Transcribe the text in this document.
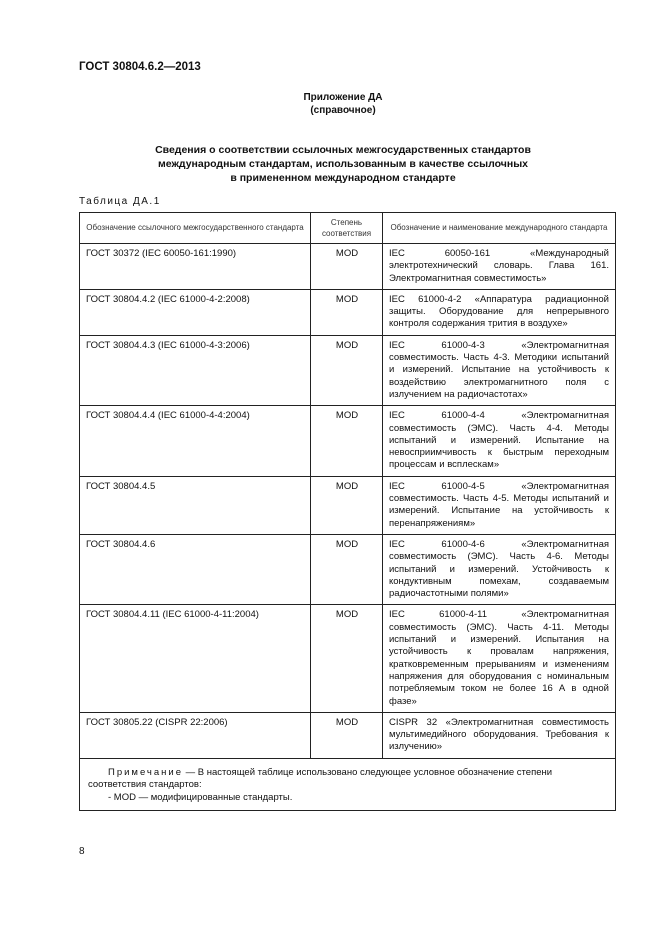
ГОСТ 30804.6.2—2013
Приложение ДА
(справочное)
Сведения о соответствии ссылочных межгосударственных стандартов
международным стандартам, использованным в качестве ссылочных
в примененном международном стандарте
Таблица ДА.1
Обозначение ссылочного межгосударственного стандарта	Степень соответствия	Обозначение и наименование международного стандарта
ГОСТ 30372 (IEC 60050-161:1990)	MOD	IEC 60050-161 «Международный электротехнический словарь. Глава 161. Электромагнитная совместимость»
ГОСТ 30804.4.2 (IEC 61000-4-2:2008)	MOD	IEC 61000-4-2 «Аппаратура радиационной защиты. Оборудование для непрерывного контроля содержания трития в воздухе»
ГОСТ 30804.4.3 (IEC 61000-4-3:2006)	MOD	IEC 61000-4-3 «Электромагнитная совместимость. Часть 4-3. Методики испытаний и измерений. Испытание на устойчивость к воздействию электромагнитного поля с излучением на радиочастотах»
ГОСТ 30804.4.4 (IEC 61000-4-4:2004)	MOD	IEC 61000-4-4 «Электромагнитная совместимость (ЭМС). Часть 4-4. Методы испытаний и измерений. Испытание на невосприимчивость к быстрым переходным процессам и всплескам»
ГОСТ 30804.4.5	MOD	IEC 61000-4-5 «Электромагнитная совместимость. Часть 4-5. Методы испытаний и измерений. Испытание на устойчивость к перенапряжениям»
ГОСТ 30804.4.6	MOD	IEC 61000-4-6 «Электромагнитная совместимость (ЭМС). Часть 4-6. Методы испытаний и измерений. Устойчивость к кондуктивным помехам, создаваемым радиочастотными полями»
ГОСТ 30804.4.11 (IEC 61000-4-11:2004)	MOD	IEC 61000-4-11 «Электромагнитная совместимость (ЭМС). Часть 4-11. Методы испытаний и измерений. Испытания на устойчивость к провалам напряжения, кратковременным прерываниям и изменениям напряжения для оборудования с номинальным потребляемым током не более 16 А в одной фазе»
ГОСТ 30805.22 (CISPR 22:2006)	MOD	CISPR 32 «Электромагнитная совместимость мультимедийного оборудования. Требования к излучению»
Примечание — В настоящей таблице использовано следующее условное обозначение степени соответствия стандартов:
- MOD — модифицированные стандарты.		
8
